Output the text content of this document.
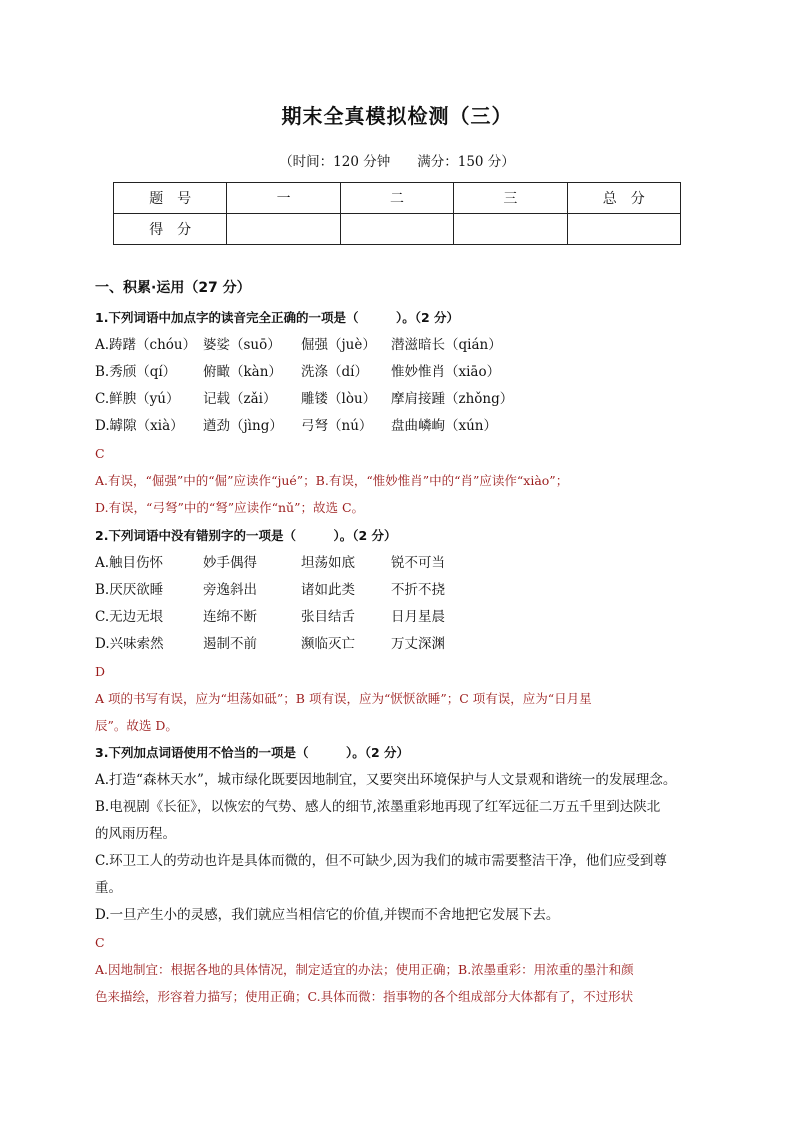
期末全真模拟检测（三）
（时间：120 分钟　　满分：150 分）
题　号	一	二	三	总　分
得　分				
一、积累·运用（27 分）
1.下列词语中加点字的读音完全正确的一项是（　　　）。（2 分）
A.踌躇（chóu） 婆娑（suō） 倔强（juè） 潜滋暗长（qián）
B.秀颀（qí） 俯瞰（kàn） 洗涤（dí） 惟妙惟肖（xiāo）
C.鲜腴（yú） 记载（zǎi） 雕镂（lòu） 摩肩接踵（zhǒng）
D.罅隙（xià） 遒劲（jìng） 弓弩（nú） 盘曲嶙峋（xún）
C
A.有误，“倔强”中的“倔”应读作“jué”；B.有误，“惟妙惟肖”中的“肖”应读作“xiào”；
D.有误，“弓弩”中的“弩”应读作“nǔ”；故选 C。
2.下列词语中没有错别字的一项是（　　　）。（2 分）
A.触目伤怀	妙手偶得	坦荡如底	锐不可当
B.厌厌欲睡	旁逸斜出	诸如此类	不折不挠
C.无边无垠	连绵不断	张目结舌	日月星晨
D.兴味索然	遏制不前	濒临灭亡	万丈深渊
D
A 项的书写有误，应为“坦荡如砥”；B 项有误，应为“恹恹欲睡”；C 项有误，应为“日月星
辰”。故选 D。
3.下列加点词语使用不恰当的一项是（　　　）。（2 分）
A.打造“森林天水”，城市绿化既要因地制宜，又要突出环境保护与人文景观和谐统一的发展理念。
B.电视剧《长征》，以恢宏的气势、感人的细节,浓墨重彩地再现了红军远征二万五千里到达陕北
的风雨历程。
C.环卫工人的劳动也许是具体而微的，但不可缺少,因为我们的城市需要整洁干净，他们应受到尊
重。
D.一旦产生小的灵感，我们就应当相信它的价值,并锲而不舍地把它发展下去。
C
A.因地制宜：根据各地的具体情况，制定适宜的办法；使用正确；B.浓墨重彩：用浓重的墨汁和颜
色来描绘，形容着力描写；使用正确；C.具体而微：指事物的各个组成部分大体都有了，不过形状
